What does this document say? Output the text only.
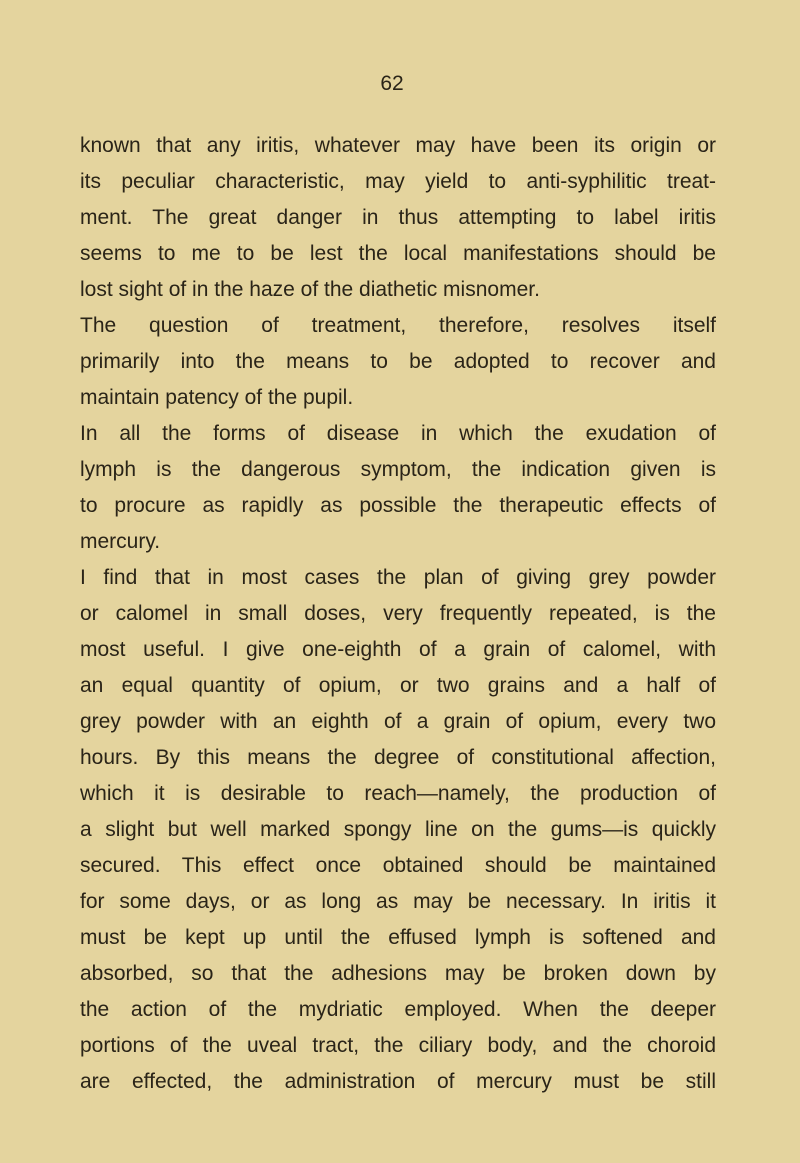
62
known that any iritis, whatever may have been its origin or
its peculiar characteristic, may yield to anti-syphilitic treat-
ment. The great danger in thus attempting to label iritis
seems to me to be lest the local manifestations should be
lost sight of in the haze of the diathetic misnomer.
The question of treatment, therefore, resolves itself
primarily into the means to be adopted to recover and
maintain patency of the pupil.
In all the forms of disease in which the exudation of
lymph is the dangerous symptom, the indication given is
to procure as rapidly as possible the therapeutic effects of
mercury.
I find that in most cases the plan of giving grey powder
or calomel in small doses, very frequently repeated, is the
most useful. I give one-eighth of a grain of calomel, with
an equal quantity of opium, or two grains and a half of
grey powder with an eighth of a grain of opium, every two
hours. By this means the degree of constitutional affection,
which it is desirable to reach—namely, the production of
a slight but well marked spongy line on the gums—is quickly
secured. This effect once obtained should be maintained
for some days, or as long as may be necessary. In iritis it
must be kept up until the effused lymph is softened and
absorbed, so that the adhesions may be broken down by
the action of the mydriatic employed. When the deeper
portions of the uveal tract, the ciliary body, and the choroid
are effected, the administration of mercury must be still
